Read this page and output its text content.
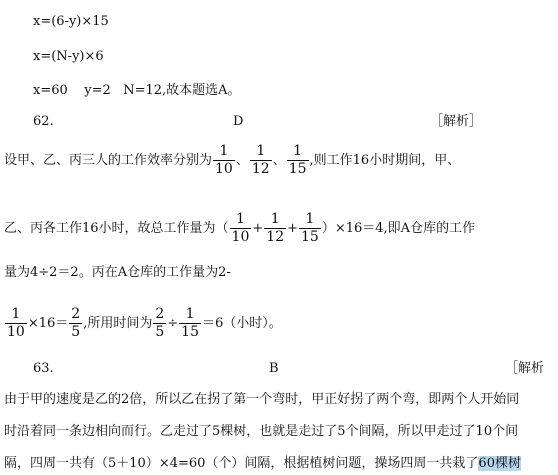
x=(6-y)×15
x=(N-y)×6
x=60    y=2   N=12,故本题选A。
62.	D	［解析］
设甲、乙、丙三人的工作效率分别为 $\frac{1}{10}$ 、 $\frac{1}{12}$ 、 $\frac{1}{15}$ ,则工作16小时期间，甲、
乙、丙各工作16小时，故总工作量为（ $\frac{1}{10} + \frac{1}{12} + \frac{1}{15} )\times 16=4$,即A仓库的工作
量为4÷2＝2。丙在A仓库的工作量为2-
$\frac{1}{10} \times 16= \frac{2}{5}$ ,所用时间为 $\frac{2}{5} \div \frac{1}{15} =6$（小时）。
63.	B	［解析
由于甲的速度是乙的2倍，所以乙在拐了第一个弯时，甲正好拐了两个弯，即两个人开始同
时沿着同一条边相向而行。乙走过了5棵树，也就是走过了5个间隔，所以甲走过了10个间
隔，四周一共有（5＋10）×4=60（个）间隔，根据植树问题，操场四周一共栽了60棵树
